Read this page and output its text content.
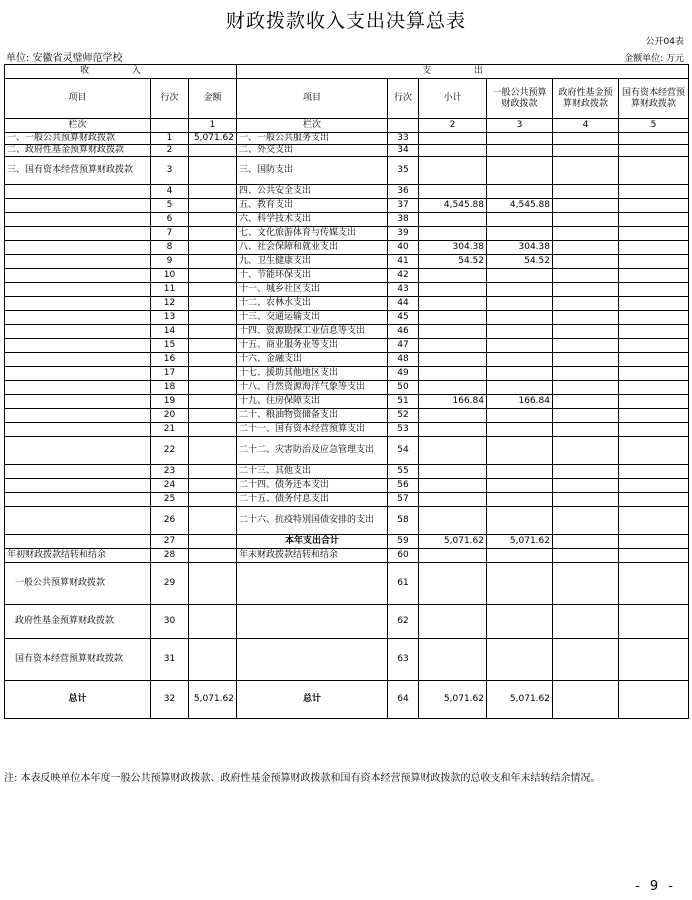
财政拨款收入支出决算总表
公开04表
单位: 安徽省灵璧师范学校	金额单位: 万元
收 入			支 出					
项目	行次	金额	项目	行次	小计	一般公共预算财政拨款	政府性基金预算财政拨款	国有资本经营预算财政拨款
栏次		1	栏次		2	3	4	5
一、一般公共预算财政拨款	1	5,071.62	一、一般公共服务支出	33				
二、政府性基金预算财政拨款	2		二、外交支出	34				
三、国有资本经营预算财政拨款	3		三、国防支出	35				
	4		四、公共安全支出	36				
	5		五、教育支出	37	4,545.88	4,545.88		
	6		六、科学技术支出	38				
	7		七、文化旅游体育与传媒支出	39				
	8		八、社会保障和就业支出	40	304.38	304.38		
	9		九、卫生健康支出	41	54.52	54.52		
	10		十、节能环保支出	42				
	11		十一、城乡社区支出	43				
	12		十二、农林水支出	44				
	13		十三、交通运输支出	45				
	14		十四、资源勘探工业信息等支出	46				
	15		十五、商业服务业等支出	47				
	16		十六、金融支出	48				
	17		十七、援助其他地区支出	49				
	18		十八、自然资源海洋气象等支出	50				
	19		十九、住房保障支出	51	166.84	166.84		
	20		二十、粮油物资储备支出	52				
	21		二十一、国有资本经营预算支出	53				
	22		二十二、灾害防治及应急管理支出	54				
	23		二十三、其他支出	55				
	24		二十四、债务还本支出	56				
	25		二十五、债务付息支出	57				
	26		二十六、抗疫特别国债安排的支出	58				
	27		本年支出合计	59	5,071.62	5,071.62		
年初财政拨款结转和结余	28		年末财政拨款结转和结余	60				
一般公共预算财政拨款	29			61				
政府性基金预算财政拨款	30			62				
国有资本经营预算财政拨款	31			63				
总计	32	5,071.62	总计	64	5,071.62	5,071.62		
注: 本表反映单位本年度一般公共预算财政拨款、政府性基金预算财政拨款和国有资本经营预算财政拨款的总收支和年末结转结余情况。
- 9 -
